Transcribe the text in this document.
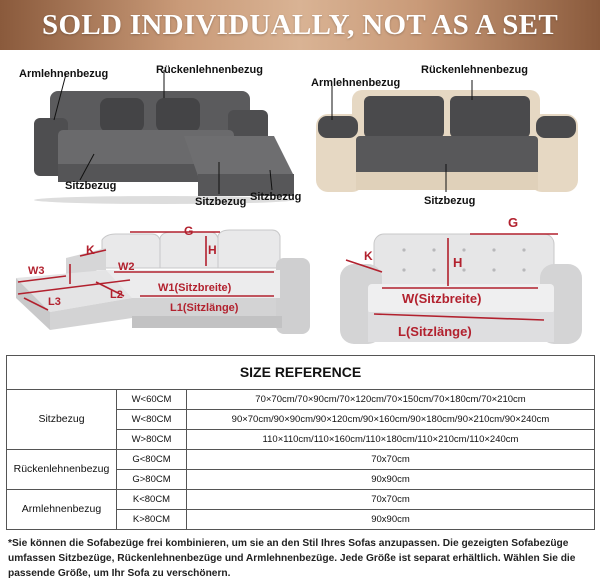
SOLD INDIVIDUALLY, NOT AS A SET
Armlehnenbezug	Rückenlehnenbezug
Sitzbezug
Sitzbezug Sitzbezug
Armlehnenbezug
Rückenlehnenbezug
Sitzbezug
K
G
H
W3	W2
L2
L3
W1(Sitzbreite)
L1(Sitzlänge)
G
H
K
W(Sitzbreite)
L(Sitzlänge)
SIZE REFERENCE		
Sitzbezug	W<60CM	70×70cm/70×90cm/70×120cm/70×150cm/70×180cm/70×210cm
	W<80CM	90×70cm/90×90cm/90×120cm/90×160cm/90×180cm/90×210cm/90×240cm
	W>80CM	110×110cm/110×160cm/110×180cm/110×210cm/110×240cm
Rückenlehnenbezug	G<80CM	70x70cm
	G>80CM	90x90cm
Armlehnenbezug	K<80CM	70x70cm
	K>80CM	90x90cm
*Sie können die Sofabezüge frei kombinieren, um sie an den Stil Ihres Sofas anzupassen. Die gezeigten Sofabezüge umfassen Sitzbezüge, Rückenlehnenbezüge und Armlehnenbezüge. Jede Größe ist separat erhältlich. Wählen Sie die passende Größe, um Ihr Sofa zu verschönern.
